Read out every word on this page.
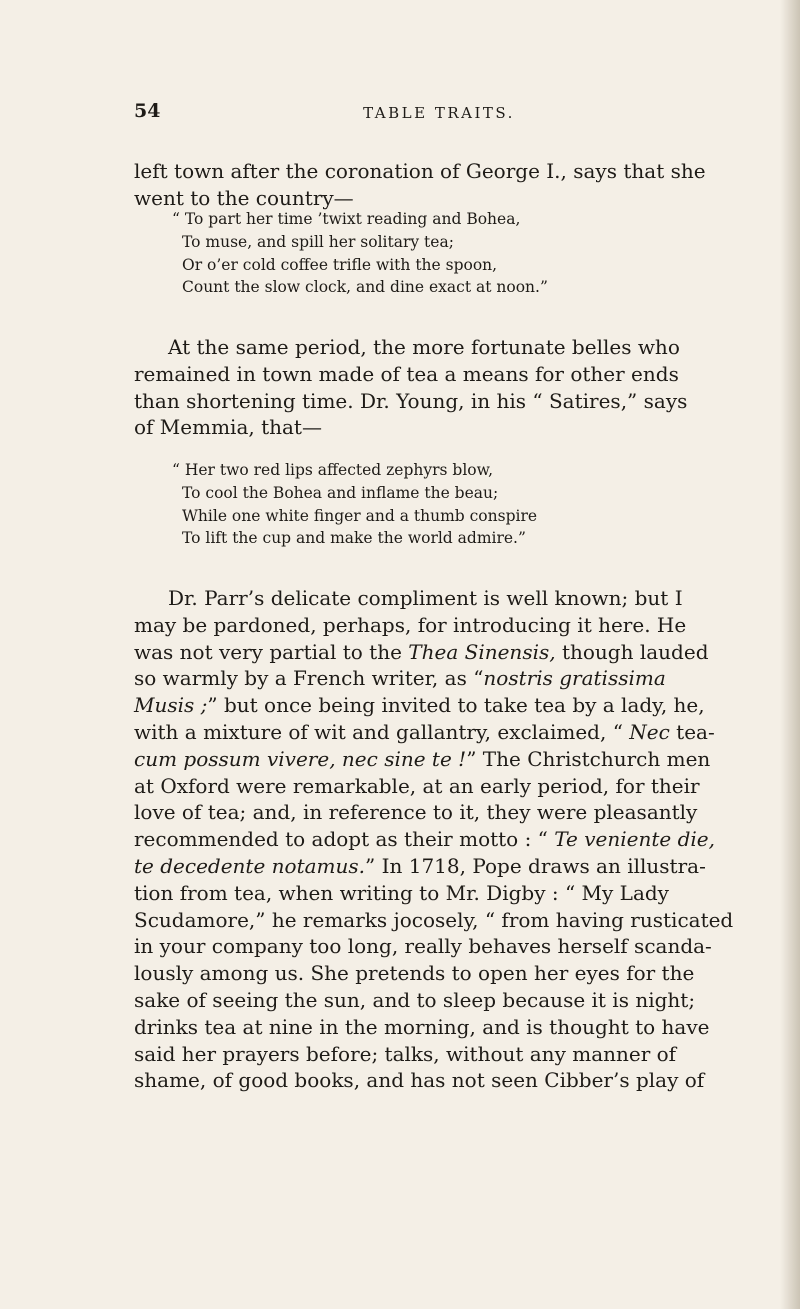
54	TABLE TRAITS.

left town after the coronation of George I., says that she
went to the country—

“ To part her time ’twixt reading and Bohea,
To muse, and spill her solitary tea;
Or o’er cold coffee trifle with the spoon,
Count the slow clock, and dine exact at noon.”

At the same period, the more fortunate belles who

remained in town made of tea a means for other ends
than shortening time. Dr. Young, in his “ Satires,” says
of Memmia, that—

“ Her two red lips affected zephyrs blow,
To cool the Bohea and inflame the beau;
While one white finger and a thumb conspire
To lift the cup and make the world admire.”

Dr. Parr’s delicate compliment is well known; but I
may be pardoned, perhaps, for introducing it here. He
was not very partial to the Thea Sinensis, though lauded
so warmly by a French writer, as “nostris gratissima
Musis ;” but once being invited to take tea by a lady, he,
with a mixture of wit and gallantry, exclaimed, “ Nec tea-
cum possum vivere, nec sine te !” The Christchurch men
at Oxford were remarkable, at an early period, for their
love of tea; and, in reference to it, they were pleasantly
recommended to adopt as their motto : “ Te veniente die,
te decedente notamus.” In 1718, Pope draws an illustra-
tion from tea, when writing to Mr. Digby : “ My Lady
Scudamore,” he remarks jocosely, “ from having rusticated
in your company too long, really behaves herself scanda-
lously among us. She pretends to open her eyes for the
sake of seeing the sun, and to sleep because it is night;
drinks tea at nine in the morning, and is thought to have
said her prayers before; talks, without any manner of
shame, of good books, and has not seen Cibber’s play of
